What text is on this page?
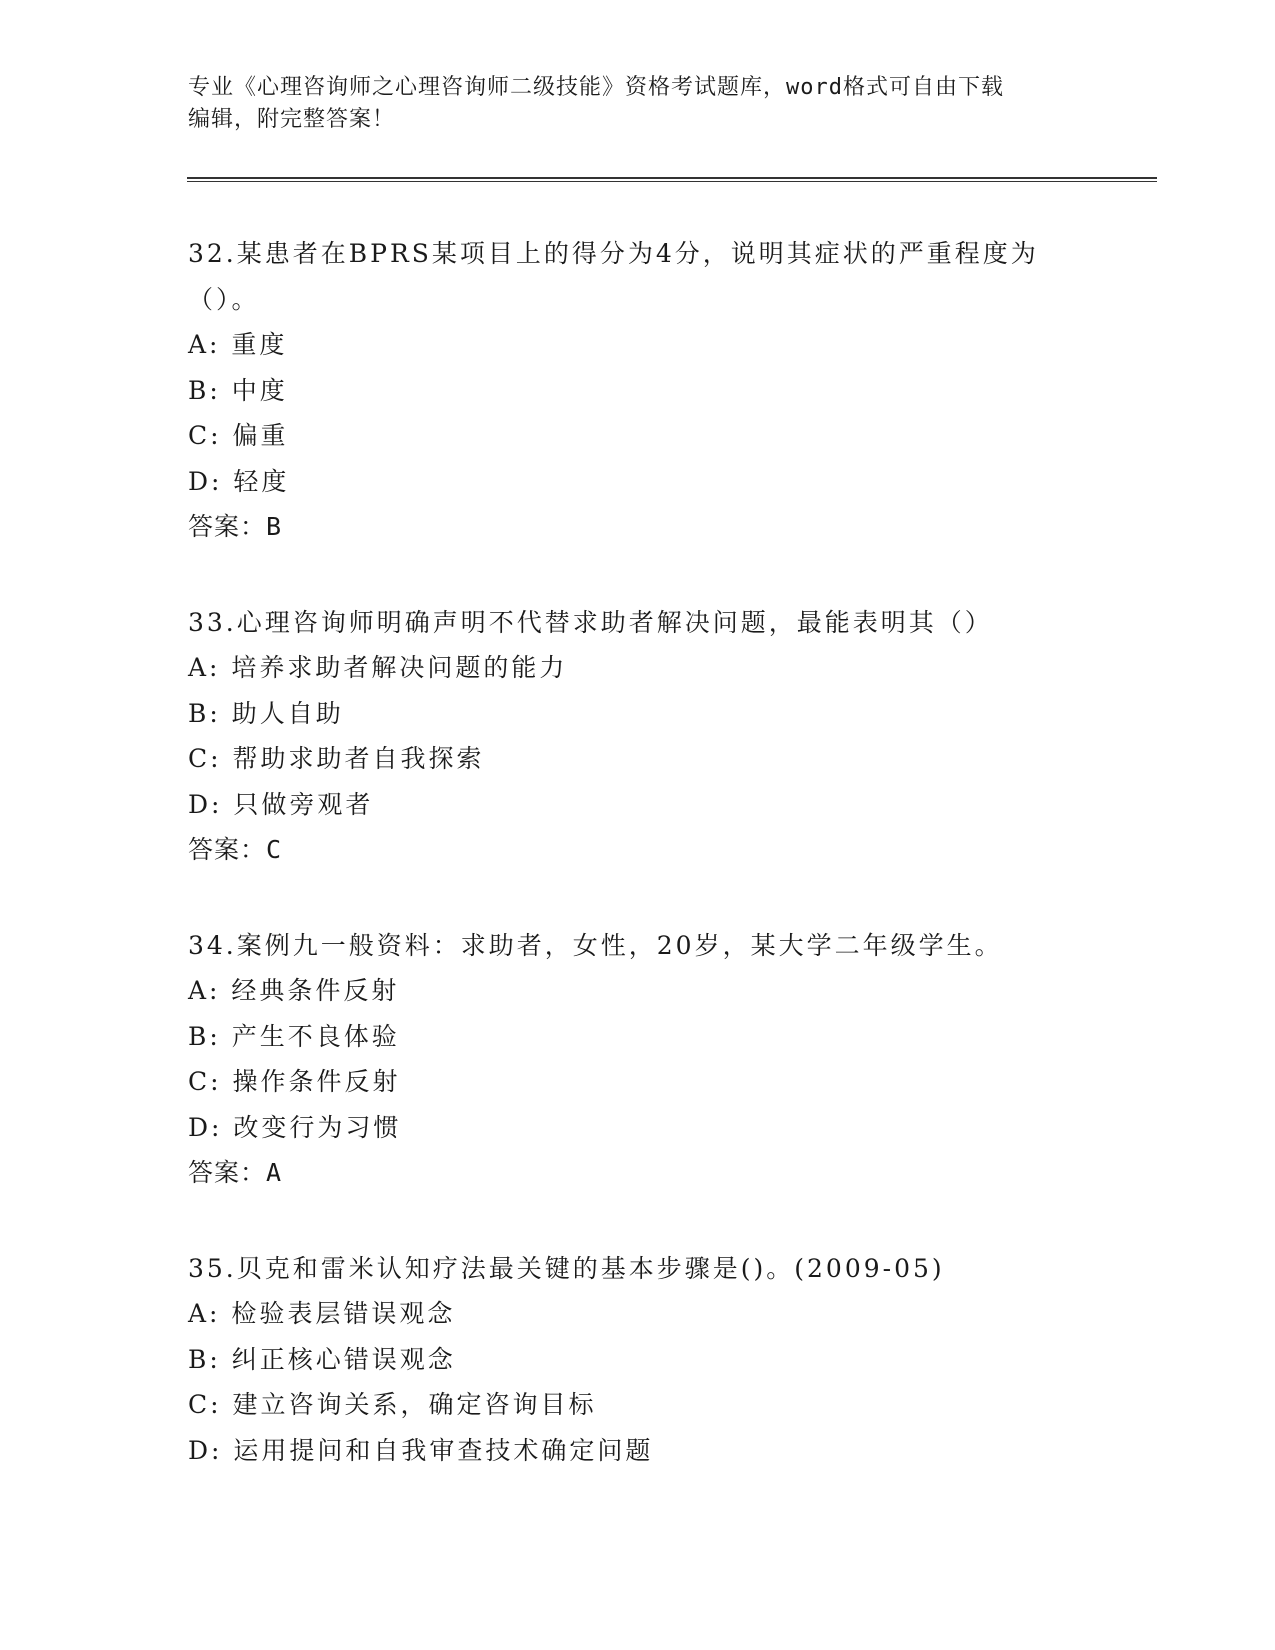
专业《心理咨询师之心理咨询师二级技能》资格考试题库，word格式可自由下载
编辑，附完整答案！
32.某患者在BPRS某项目上的得分为4分，说明其症状的严重程度为
（）。
A: 重度
B: 中度
C: 偏重
D: 轻度
答案：B
33.心理咨询师明确声明不代替求助者解决问题，最能表明其（）
A: 培养求助者解决问题的能力
B: 助人自助
C: 帮助求助者自我探索
D: 只做旁观者
答案：C
34.案例九一般资料：求助者，女性，20岁，某大学二年级学生。
A: 经典条件反射
B: 产生不良体验
C: 操作条件反射
D: 改变行为习惯
答案：A
35.贝克和雷米认知疗法最关键的基本步骤是()。(2009-05)
A: 检验表层错误观念
B: 纠正核心错误观念
C: 建立咨询关系，确定咨询目标
D: 运用提问和自我审查技术确定问题
